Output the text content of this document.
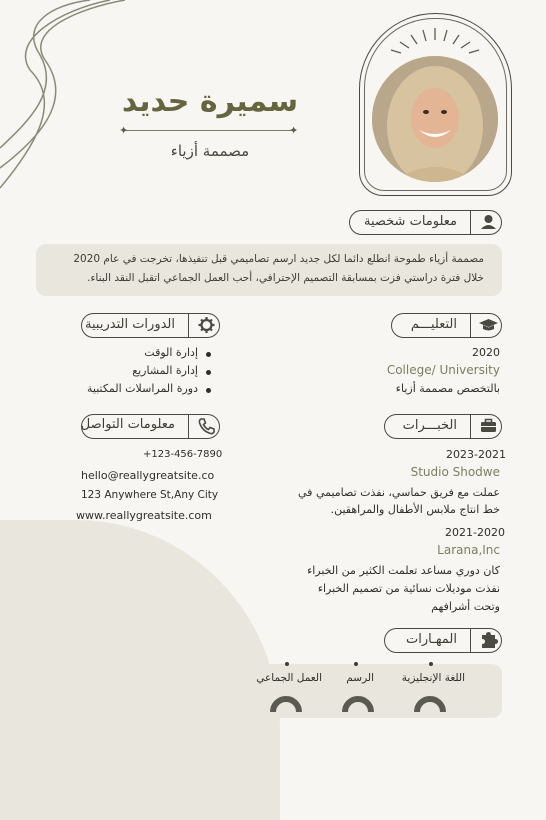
سميرة حديد
✦	✦
مصممة أزياء
معلومات شخصية

مصممة أزياء طموحة انطلع دائما لكل جديد ارسم تصاميمي قبل تنفيذها، تخرجت في عام 2020
خلال فترة دراستي فزت بمسابقة التصميم الإحترافي، أحب العمل الجماعي اتقبل النقد البناء.

التعليـــم
2020
College/ University
بالتخصص مصممة أزياء
الدورات التدريبية
إدارة الوقت
إدارة المشاريع
دورة المراسلات المكتبية
الخبـــرات
2023-2021
Studio Shodwe
عملت مع فريق حماسي، نفذت تصاميمي في
خط انتاج ملابس الأطفال والمراهقين.
2021-2020
Larana,Inc
كان دوري مساعد تعلمت الكثير من الخبراء
نفذت موديلات نسائية من تصميم الخبراء
وتحت أشرافهم
معلومات التواصل
+123-456-7890
hello@reallygreatsite.co
123 Anywhere St,Any City
www.reallygreatsite.com
المهـارات
اللغة الإنجليزية
الرسم
العمل الجماعي
